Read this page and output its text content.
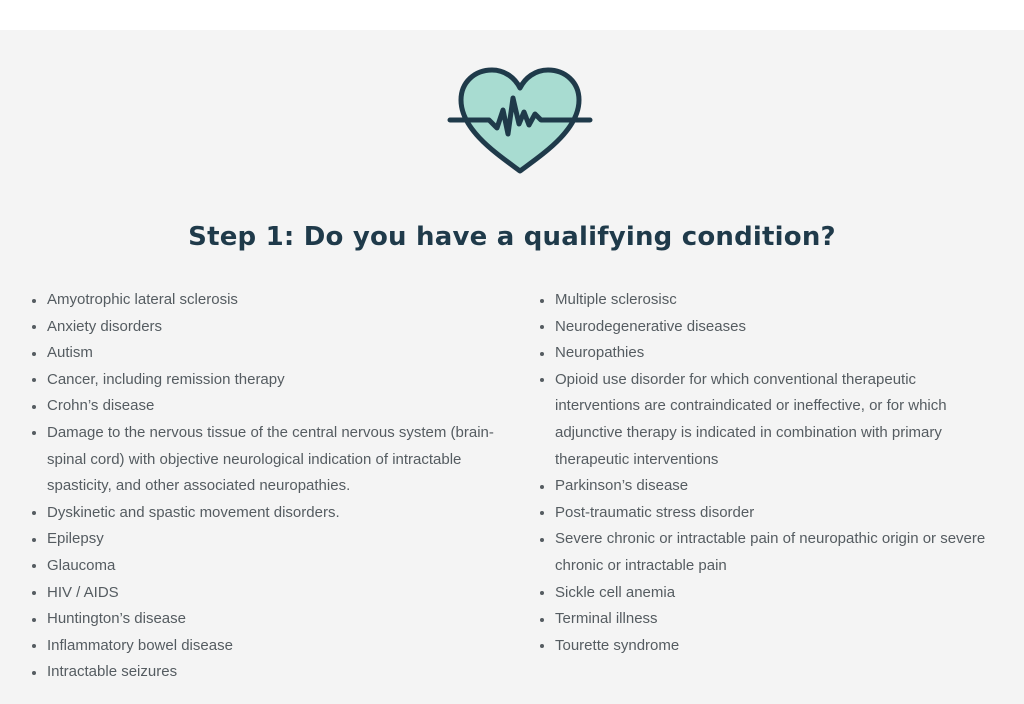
Step 1: Do you have a qualifying condition?
Amyotrophic lateral sclerosis
Anxiety disorders
Autism
Cancer, including remission therapy
Crohn’s disease
Damage to the nervous tissue of the central nervous system (brain-spinal cord) with objective neurological indication of intractable spasticity, and other associated neuropathies.
Dyskinetic and spastic movement disorders.
Epilepsy
Glaucoma
HIV / AIDS
Huntington’s disease
Inflammatory bowel disease
Intractable seizures
Multiple sclerosisc
Neurodegenerative diseases
Neuropathies
Opioid use disorder for which conventional therapeutic interventions are contraindicated or ineffective, or for which adjunctive therapy is indicated in combination with primary therapeutic interventions
Parkinson’s disease
Post-traumatic stress disorder
Severe chronic or intractable pain of neuropathic origin or severe chronic or intractable pain
Sickle cell anemia
Terminal illness
Tourette syndrome
